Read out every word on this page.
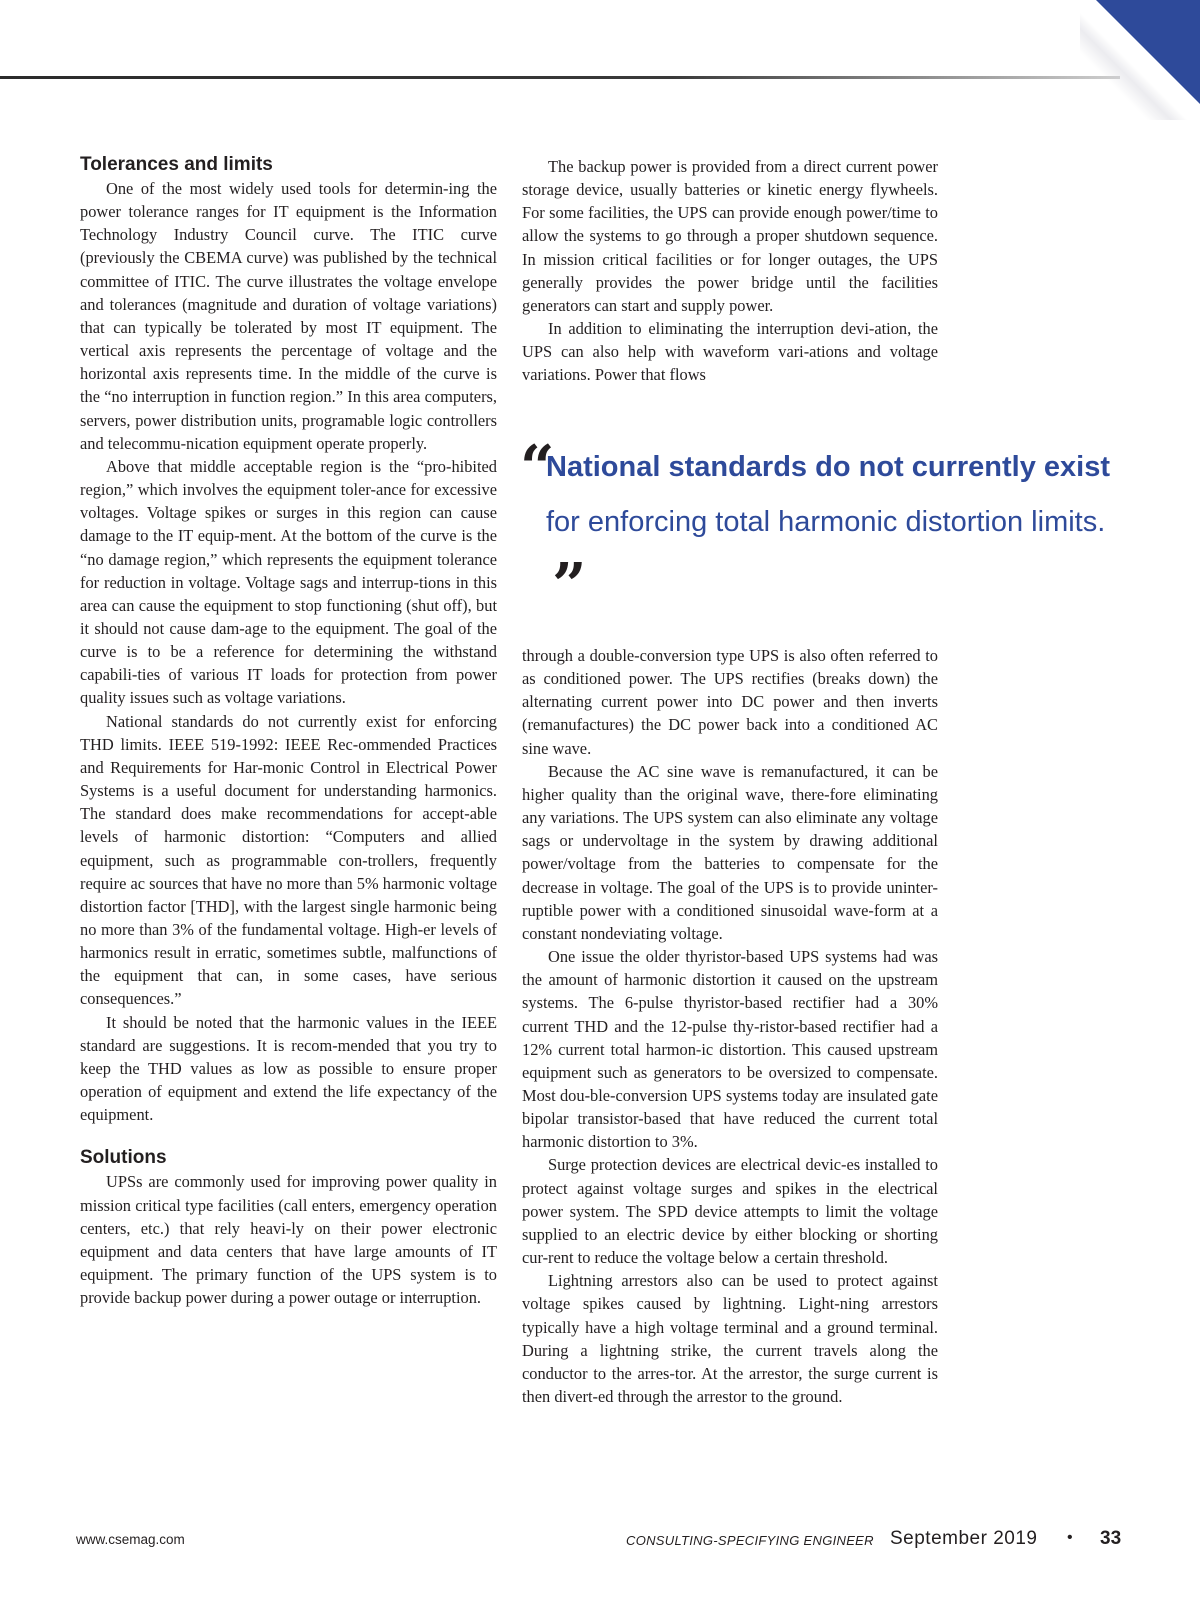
Tolerances and limits

One of the most widely used tools for determin-ing the power tolerance ranges for IT equipment is the Information Technology Industry Council curve. The ITIC curve (previously the CBEMA curve) was published by the technical committee of ITIC. The curve illustrates the voltage envelope and tolerances (magnitude and duration of voltage variations) that can typically be tolerated by most IT equipment. The vertical axis represents the percentage of voltage and the horizontal axis represents time. In the middle of the curve is the “no interruption in function region.” In this area computers, servers, power distribution units, programable logic controllers and telecommu-nication equipment operate properly.

Above that middle acceptable region is the “pro-hibited region,” which involves the equipment toler-ance for excessive voltages. Voltage spikes or surges in this region can cause damage to the IT equip-ment. At the bottom of the curve is the “no damage region,” which represents the equipment tolerance for reduction in voltage. Voltage sags and interrup-tions in this area can cause the equipment to stop functioning (shut off), but it should not cause dam-age to the equipment. The goal of the curve is to be a reference for determining the withstand capabili-ties of various IT loads for protection from power quality issues such as voltage variations.

National standards do not currently exist for enforcing THD limits. IEEE 519-1992: IEEE Rec-ommended Practices and Requirements for Har-monic Control in Electrical Power Systems is a useful document for understanding harmonics. The standard does make recommendations for accept-able levels of harmonic distortion: “Computers and allied equipment, such as programmable con-trollers, frequently require ac sources that have no more than 5% harmonic voltage distortion factor [THD], with the largest single harmonic being no more than 3% of the fundamental voltage. High-er levels of harmonics result in erratic, sometimes subtle, malfunctions of the equipment that can, in some cases, have serious consequences.”

It should be noted that the harmonic values in the IEEE standard are suggestions. It is recom-mended that you try to keep the THD values as low as possible to ensure proper operation of equipment and extend the life expectancy of the equipment.

Solutions

UPSs are commonly used for improving power quality in mission critical type facilities (call enters, emergency operation centers, etc.) that rely heavi-ly on their power electronic equipment and data centers that have large amounts of IT equipment. The primary function of the UPS system is to provide backup power during a power outage or interruption.

The backup power is provided from a direct current power storage device, usually batteries or kinetic energy flywheels. For some facilities, the UPS can provide enough power/time to allow the systems to go through a proper shutdown sequence. In mission critical facilities or for longer outages, the UPS generally provides the power bridge until the facilities generators can start and supply power.

In addition to eliminating the interruption devi-ation, the UPS can also help with waveform vari-ations and voltage variations. Power that flows

“
National standards do not currently exist for enforcing total harmonic distortion limits.”

through a double-conversion type UPS is also often referred to as conditioned power. The UPS rectifies (breaks down) the alternating current power into DC power and then inverts (remanufactures) the DC power back into a conditioned AC sine wave.

Because the AC sine wave is remanufactured, it can be higher quality than the original wave, there-fore eliminating any variations. The UPS system can also eliminate any voltage sags or undervoltage in the system by drawing additional power/voltage from the batteries to compensate for the decrease in voltage. The goal of the UPS is to provide uninter-ruptible power with a conditioned sinusoidal wave-form at a constant nondeviating voltage.

One issue the older thyristor-based UPS systems had was the amount of harmonic distortion it caused on the upstream systems. The 6-pulse thyristor-based rectifier had a 30% current THD and the 12-pulse thy-ristor-based rectifier had a 12% current total harmon-ic distortion. This caused upstream equipment such as generators to be oversized to compensate. Most dou-ble-conversion UPS systems today are insulated gate bipolar transistor-based that have reduced the current total harmonic distortion to 3%.

Surge protection devices are electrical devic-es installed to protect against voltage surges and spikes in the electrical power system. The SPD device attempts to limit the voltage supplied to an electric device by either blocking or shorting cur-rent to reduce the voltage below a certain threshold.

Lightning arrestors also can be used to protect against voltage spikes caused by lightning. Light-ning arrestors typically have a high voltage terminal and a ground terminal. During a lightning strike, the current travels along the conductor to the arres-tor. At the arrestor, the surge current is then divert-ed through the arrestor to the ground.

www.csemag.com	CONSULTING-SPECIFYING ENGINEER September 2019 • 33
